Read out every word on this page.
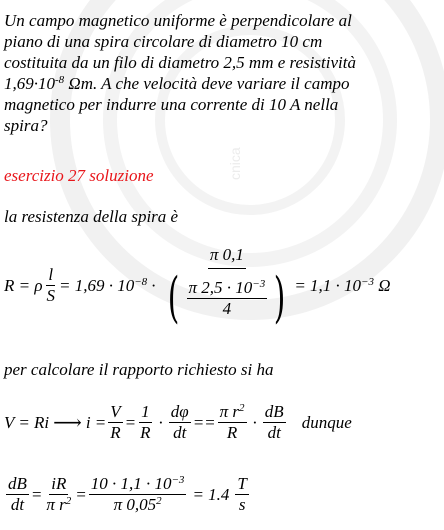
cnica
Un campo magnetico uniforme è perpendicolare al
piano di una spira circolare di diametro 10 cm
costituita da un filo di diametro 2,5 mm e resistività
$1,69\cdot 10^{-8}$ Ωm. A che velocità deve variare il campo
magnetico per indurre una corrente di 10 A nella
spira?
esercizio 27 soluzione
la resistenza della spira è
R = ρ $\frac{l}{S} = 1,69 \cdot 10^{-8} \cdot \frac{\pi 0,1}{( \frac{\pi 2,5 \cdot 10^{-3}}{4} )} = 1,1 \cdot 10^{-3}$ Ω
per calcolare il rapporto richiesto si ha
V = Ri ⟶ $i = \frac{V}{R} = \frac{1}{R} \cdot \frac{d\varphi}{dt} == \frac{\pi r^2}{R} \cdot \frac{dB}{dt}$ dunque
$\frac{dB}{dt} = \frac{iR}{\pi r^2} = \frac{10 \cdot 1,1 \cdot 10^{-3}}{\pi 0,05^2} = 1.4 \frac{T}{s}$
